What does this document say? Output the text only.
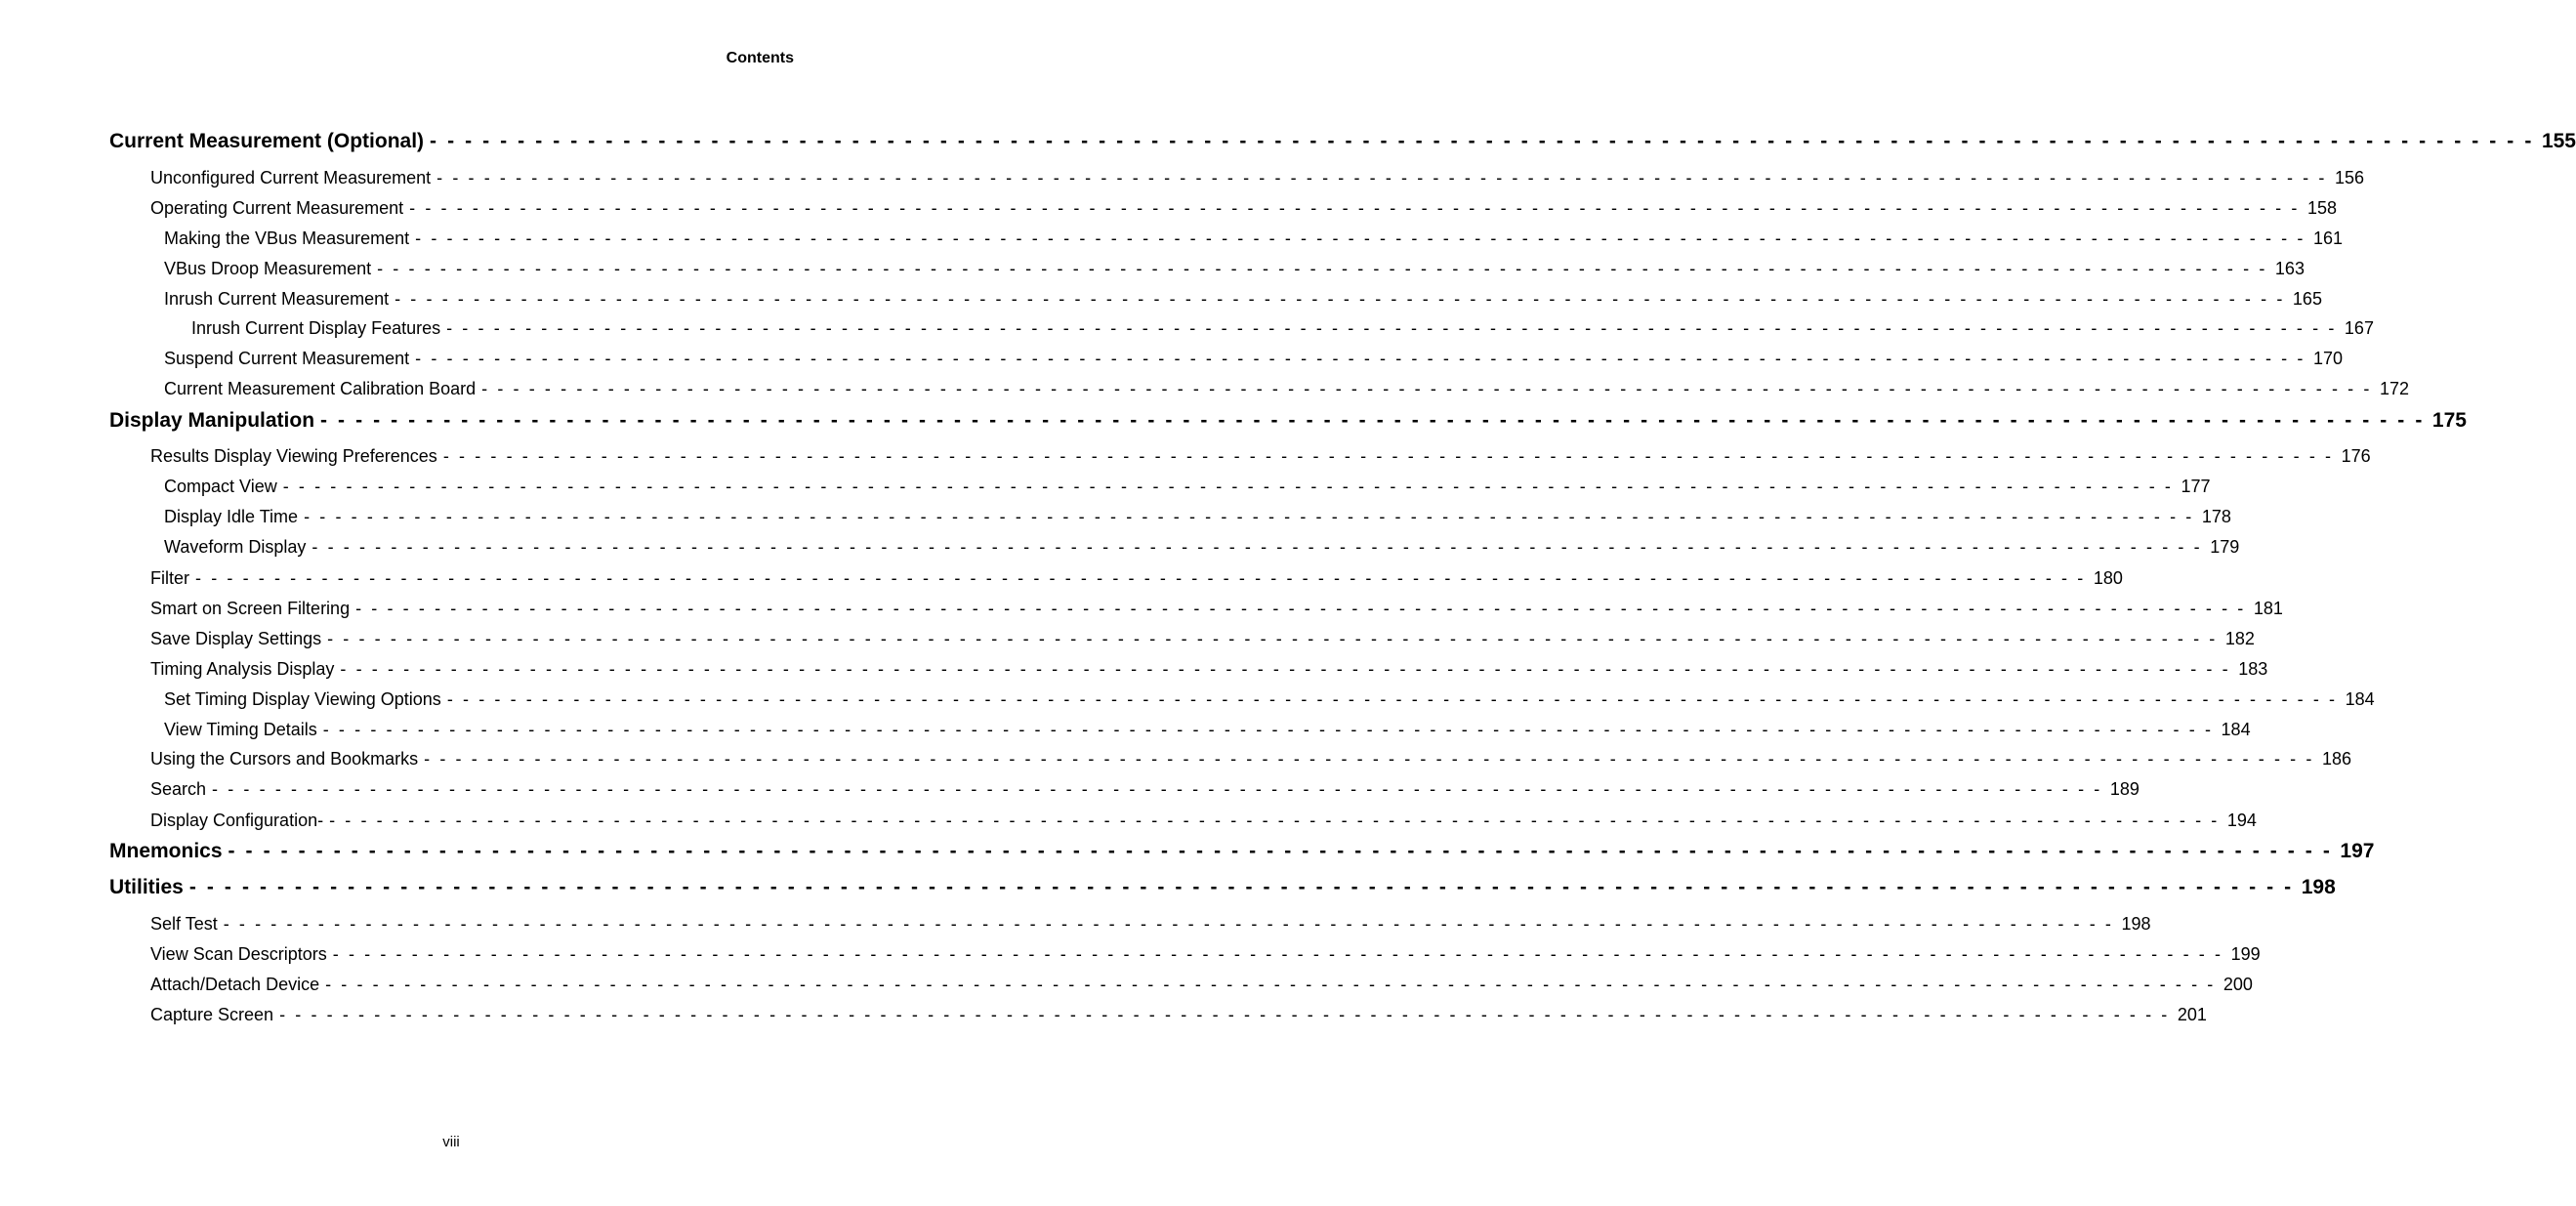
Contents
Current Measurement (Optional) - - - - - - - - - - - - - - - - - - - - - - - - - - - - - - - - - - - - - - - - - - - - - - - - - - - - - - - - - - - - - - - - - - - - - - - - - - - - - - - - - - - - - - - - - - - - - - - - - - - - - - - - - - - - - - - - - - - - - - - - 155
Unconfigured Current Measurement - - - - - - - - - - - - - - - - - - - - - - - - - - - - - - - - - - - - - - - - - - - - - - - - - - - - - - - - - - - - - - - - - - - - - - - - - - - - - - - - - - - - - - - - - - - - - - - - - - - - - - - - - - - - - - - - - - - - - - - - 156
Operating Current Measurement - - - - - - - - - - - - - - - - - - - - - - - - - - - - - - - - - - - - - - - - - - - - - - - - - - - - - - - - - - - - - - - - - - - - - - - - - - - - - - - - - - - - - - - - - - - - - - - - - - - - - - - - - - - - - - - - - - - - - - - - 158
Making the VBus Measurement - - - - - - - - - - - - - - - - - - - - - - - - - - - - - - - - - - - - - - - - - - - - - - - - - - - - - - - - - - - - - - - - - - - - - - - - - - - - - - - - - - - - - - - - - - - - - - - - - - - - - - - - - - - - - - - - - - - - - - - - 161
VBus Droop Measurement - - - - - - - - - - - - - - - - - - - - - - - - - - - - - - - - - - - - - - - - - - - - - - - - - - - - - - - - - - - - - - - - - - - - - - - - - - - - - - - - - - - - - - - - - - - - - - - - - - - - - - - - - - - - - - - - - - - - - - - - 163
Inrush Current Measurement - - - - - - - - - - - - - - - - - - - - - - - - - - - - - - - - - - - - - - - - - - - - - - - - - - - - - - - - - - - - - - - - - - - - - - - - - - - - - - - - - - - - - - - - - - - - - - - - - - - - - - - - - - - - - - - - - - - - - - - - 165
Inrush Current Display Features - - - - - - - - - - - - - - - - - - - - - - - - - - - - - - - - - - - - - - - - - - - - - - - - - - - - - - - - - - - - - - - - - - - - - - - - - - - - - - - - - - - - - - - - - - - - - - - - - - - - - - - - - - - - - - - - - - - - - - - - 167
Suspend Current Measurement - - - - - - - - - - - - - - - - - - - - - - - - - - - - - - - - - - - - - - - - - - - - - - - - - - - - - - - - - - - - - - - - - - - - - - - - - - - - - - - - - - - - - - - - - - - - - - - - - - - - - - - - - - - - - - - - - - - - - - - - 170
Current Measurement Calibration Board - - - - - - - - - - - - - - - - - - - - - - - - - - - - - - - - - - - - - - - - - - - - - - - - - - - - - - - - - - - - - - - - - - - - - - - - - - - - - - - - - - - - - - - - - - - - - - - - - - - - - - - - - - - - - - - - - - - - - - - - 172
Display Manipulation - - - - - - - - - - - - - - - - - - - - - - - - - - - - - - - - - - - - - - - - - - - - - - - - - - - - - - - - - - - - - - - - - - - - - - - - - - - - - - - - - - - - - - - - - - - - - - - - - - - - - - - - - - - - - - - - - - - - - - - - 175
Results Display Viewing Preferences - - - - - - - - - - - - - - - - - - - - - - - - - - - - - - - - - - - - - - - - - - - - - - - - - - - - - - - - - - - - - - - - - - - - - - - - - - - - - - - - - - - - - - - - - - - - - - - - - - - - - - - - - - - - - - - - - - - - - - - - 176
Compact View - - - - - - - - - - - - - - - - - - - - - - - - - - - - - - - - - - - - - - - - - - - - - - - - - - - - - - - - - - - - - - - - - - - - - - - - - - - - - - - - - - - - - - - - - - - - - - - - - - - - - - - - - - - - - - - - - - - - - - - - 177
Display Idle Time - - - - - - - - - - - - - - - - - - - - - - - - - - - - - - - - - - - - - - - - - - - - - - - - - - - - - - - - - - - - - - - - - - - - - - - - - - - - - - - - - - - - - - - - - - - - - - - - - - - - - - - - - - - - - - - - - - - - - - - - 178
Waveform Display - - - - - - - - - - - - - - - - - - - - - - - - - - - - - - - - - - - - - - - - - - - - - - - - - - - - - - - - - - - - - - - - - - - - - - - - - - - - - - - - - - - - - - - - - - - - - - - - - - - - - - - - - - - - - - - - - - - - - - - - 179
Filter - - - - - - - - - - - - - - - - - - - - - - - - - - - - - - - - - - - - - - - - - - - - - - - - - - - - - - - - - - - - - - - - - - - - - - - - - - - - - - - - - - - - - - - - - - - - - - - - - - - - - - - - - - - - - - - - - - - - - - - - 180
Smart on Screen Filtering - - - - - - - - - - - - - - - - - - - - - - - - - - - - - - - - - - - - - - - - - - - - - - - - - - - - - - - - - - - - - - - - - - - - - - - - - - - - - - - - - - - - - - - - - - - - - - - - - - - - - - - - - - - - - - - - - - - - - - - - 181
Save Display Settings - - - - - - - - - - - - - - - - - - - - - - - - - - - - - - - - - - - - - - - - - - - - - - - - - - - - - - - - - - - - - - - - - - - - - - - - - - - - - - - - - - - - - - - - - - - - - - - - - - - - - - - - - - - - - - - - - - - - - - - - 182
Timing Analysis Display - - - - - - - - - - - - - - - - - - - - - - - - - - - - - - - - - - - - - - - - - - - - - - - - - - - - - - - - - - - - - - - - - - - - - - - - - - - - - - - - - - - - - - - - - - - - - - - - - - - - - - - - - - - - - - - - - - - - - - - - 183
Set Timing Display Viewing Options - - - - - - - - - - - - - - - - - - - - - - - - - - - - - - - - - - - - - - - - - - - - - - - - - - - - - - - - - - - - - - - - - - - - - - - - - - - - - - - - - - - - - - - - - - - - - - - - - - - - - - - - - - - - - - - - - - - - - - - - 184
View Timing Details - - - - - - - - - - - - - - - - - - - - - - - - - - - - - - - - - - - - - - - - - - - - - - - - - - - - - - - - - - - - - - - - - - - - - - - - - - - - - - - - - - - - - - - - - - - - - - - - - - - - - - - - - - - - - - - - - - - - - - - - 184
Using the Cursors and Bookmarks - - - - - - - - - - - - - - - - - - - - - - - - - - - - - - - - - - - - - - - - - - - - - - - - - - - - - - - - - - - - - - - - - - - - - - - - - - - - - - - - - - - - - - - - - - - - - - - - - - - - - - - - - - - - - - - - - - - - - - - - 186
Search - - - - - - - - - - - - - - - - - - - - - - - - - - - - - - - - - - - - - - - - - - - - - - - - - - - - - - - - - - - - - - - - - - - - - - - - - - - - - - - - - - - - - - - - - - - - - - - - - - - - - - - - - - - - - - - - - - - - - - - - 189
Display Configuration- - - - - - - - - - - - - - - - - - - - - - - - - - - - - - - - - - - - - - - - - - - - - - - - - - - - - - - - - - - - - - - - - - - - - - - - - - - - - - - - - - - - - - - - - - - - - - - - - - - - - - - - - - - - - - - - - - - - - - - - - 194
Mnemonics - - - - - - - - - - - - - - - - - - - - - - - - - - - - - - - - - - - - - - - - - - - - - - - - - - - - - - - - - - - - - - - - - - - - - - - - - - - - - - - - - - - - - - - - - - - - - - - - - - - - - - - - - - - - - - - - - - - - - - - - 197
Utilities - - - - - - - - - - - - - - - - - - - - - - - - - - - - - - - - - - - - - - - - - - - - - - - - - - - - - - - - - - - - - - - - - - - - - - - - - - - - - - - - - - - - - - - - - - - - - - - - - - - - - - - - - - - - - - - - - - - - - - - - 198
Self Test - - - - - - - - - - - - - - - - - - - - - - - - - - - - - - - - - - - - - - - - - - - - - - - - - - - - - - - - - - - - - - - - - - - - - - - - - - - - - - - - - - - - - - - - - - - - - - - - - - - - - - - - - - - - - - - - - - - - - - - - 198
View Scan Descriptors - - - - - - - - - - - - - - - - - - - - - - - - - - - - - - - - - - - - - - - - - - - - - - - - - - - - - - - - - - - - - - - - - - - - - - - - - - - - - - - - - - - - - - - - - - - - - - - - - - - - - - - - - - - - - - - - - - - - - - - - 199
Attach/Detach Device - - - - - - - - - - - - - - - - - - - - - - - - - - - - - - - - - - - - - - - - - - - - - - - - - - - - - - - - - - - - - - - - - - - - - - - - - - - - - - - - - - - - - - - - - - - - - - - - - - - - - - - - - - - - - - - - - - - - - - - - 200
Capture Screen - - - - - - - - - - - - - - - - - - - - - - - - - - - - - - - - - - - - - - - - - - - - - - - - - - - - - - - - - - - - - - - - - - - - - - - - - - - - - - - - - - - - - - - - - - - - - - - - - - - - - - - - - - - - - - - - - - - - - - - - 201
viii
